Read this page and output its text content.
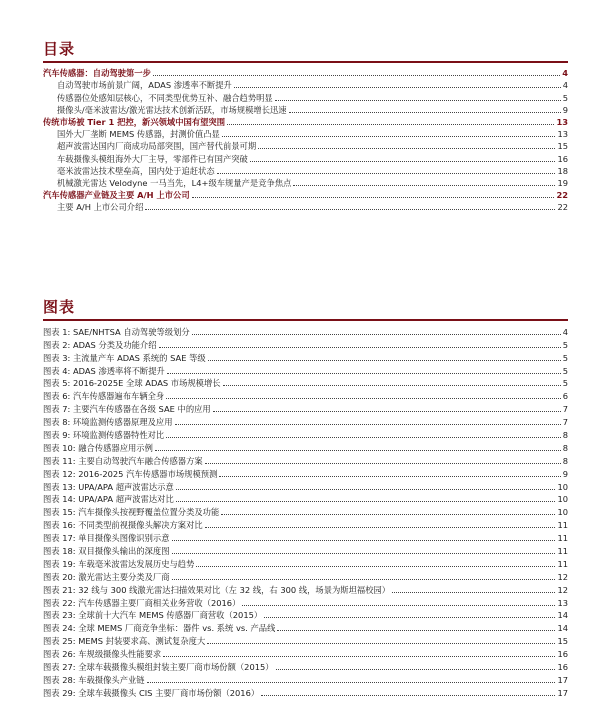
目录
汽车传感器：自动驾驶第一步	4
自动驾驶市场前景广阔，ADAS 渗透率不断提升	4
传感器位处感知层核心，不同类型优势互补、融合趋势明显	5
摄像头/毫米波雷达/激光雷达技术创新活跃，市场规模增长迅速	9
传统市场被 Tier 1 把控，新兴领域中国有望突围	13
国外大厂垄断 MEMS 传感器，封测价值凸显	13
超声波雷达国内厂商成功局部突围，国产替代前景可期	15
车载摄像头模组海外大厂主导，零部件已有国产突破	16
毫米波雷达技术壁垒高，国内处于追赶状态	18
机械激光雷达 Velodyne 一马当先，L4+级车规量产是竞争焦点	19
汽车传感器产业链及主要 A/H 上市公司	22
主要 A/H 上市公司介绍	22
图表
图表 1: SAE/NHTSA 自动驾驶等级划分	4
图表 2: ADAS 分类及功能介绍	5
图表 3: 主流量产车 ADAS 系统的 SAE 等级	5
图表 4: ADAS 渗透率将不断提升	5
图表 5: 2016-2025E 全球 ADAS 市场规模增长	5
图表 6: 汽车传感器遍布车辆全身	6
图表 7: 主要汽车传感器在各级 SAE 中的应用	7
图表 8: 环境监测传感器原理及应用	7
图表 9: 环境监测传感器特性对比	8
图表 10: 融合传感器应用示例	8
图表 11: 主要自动驾驶汽车融合传感器方案	8
图表 12: 2016-2025 汽车传感器市场规模预测	9
图表 13: UPA/APA 超声波雷达示意	10
图表 14: UPA/APA 超声波雷达对比	10
图表 15: 汽车摄像头按视野覆盖位置分类及功能	10
图表 16: 不同类型前视摄像头解决方案对比	11
图表 17: 单目摄像头图像识别示意	11
图表 18: 双目摄像头输出的深度图	11
图表 19: 车载毫米波雷达发展历史与趋势	11
图表 20: 激光雷达主要分类及厂商	12
图表 21: 32 线与 300 线激光雷达扫描效果对比（左 32 线，右 300 线，场景为斯坦福校园）	12
图表 22: 汽车传感器主要厂商相关业务营收（2016）	13
图表 23: 全球前十大汽车 MEMS 传感器厂商营收（2015）	14
图表 24: 全球 MEMS 厂商竞争坐标：器件 vs. 系统 vs. 产品线	14
图表 25: MEMS 封装要求高、测试复杂度大	15
图表 26: 车规级摄像头性能要求	16
图表 27: 全球车载摄像头模组封装主要厂商市场份额（2015）	16
图表 28: 车载摄像头产业链	17
图表 29: 全球车载摄像头 CIS 主要厂商市场份额（2016）	17
